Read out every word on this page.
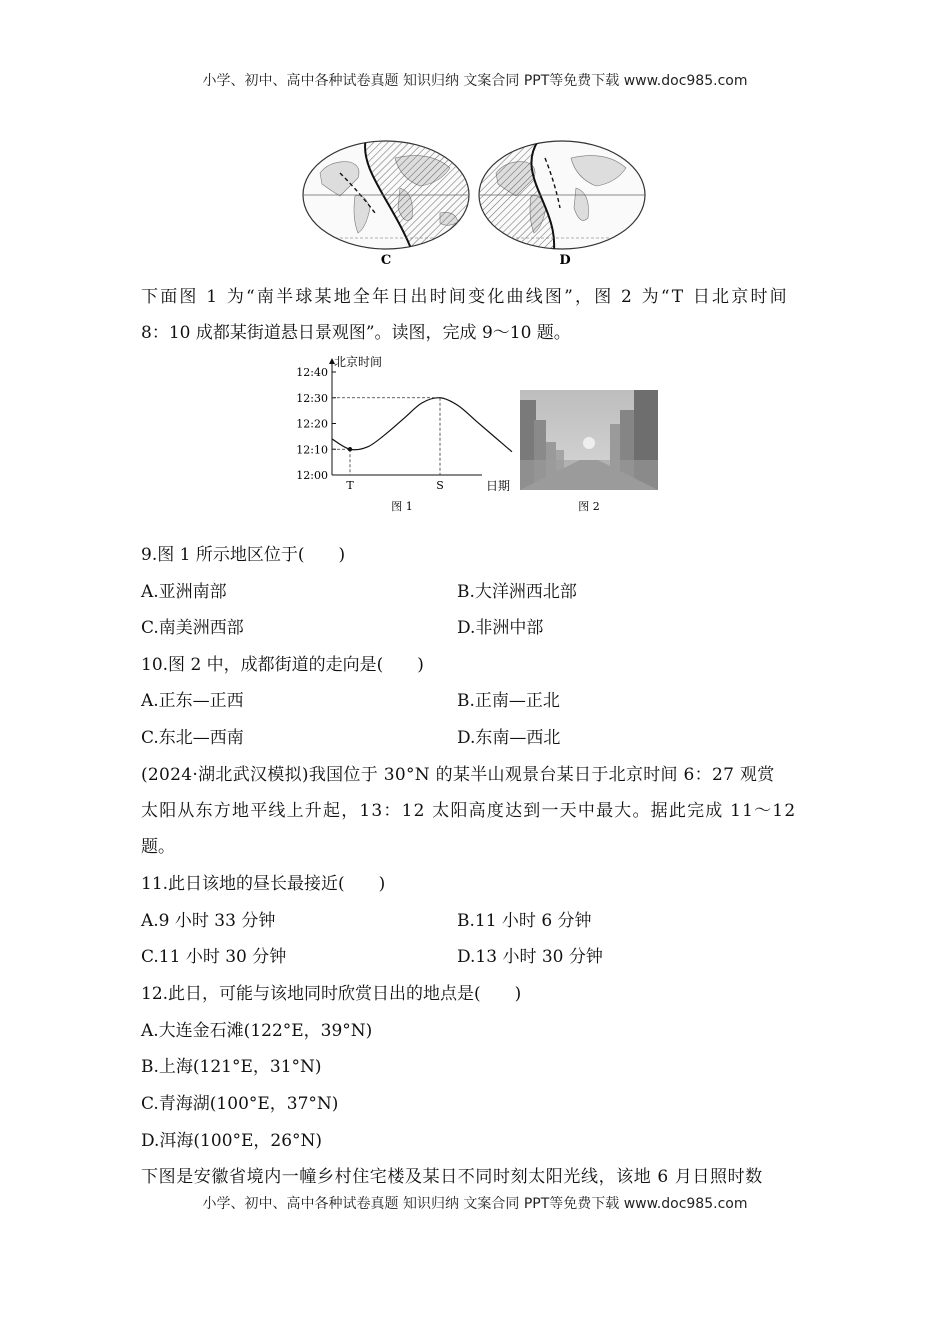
小学、初中、高中各种试卷真题 知识归纳 文案合同 PPT等免费下载 www.doc985.com
C	D
下面图 1 为“南半球某地全年日出时间变化曲线图”，图 2 为“T 日北京时间
8：10 成都某街道悬日景观图”。读图，完成 9～10 题。
北京时间
日期
图 1
12:00
12:10
12:20
12:30
12:40
T	S
图 2
9.图 1 所示地区位于(　　)
A.亚洲南部	B.大洋洲西北部
C.南美洲西部	D.非洲中部
10.图 2 中，成都街道的走向是(　　)
A.正东—正西	B.正南—正北
C.东北—西南	D.东南—西北
(2024·湖北武汉模拟)我国位于 30°N 的某半山观景台某日于北京时间 6：27 观赏
太阳从东方地平线上升起，13：12 太阳高度达到一天中最大。据此完成 11～12
题。
11.此日该地的昼长最接近(　　)
A.9 小时 33 分钟	B.11 小时 6 分钟
C.11 小时 30 分钟	D.13 小时 30 分钟
12.此日，可能与该地同时欣赏日出的地点是(　　)
A.大连金石滩(122°E，39°N)
B.上海(121°E，31°N)
C.青海湖(100°E，37°N)
D.洱海(100°E，26°N)
下图是安徽省境内一幢乡村住宅楼及某日不同时刻太阳光线，该地 6 月日照时数
小学、初中、高中各种试卷真题 知识归纳 文案合同 PPT等免费下载 www.doc985.com
